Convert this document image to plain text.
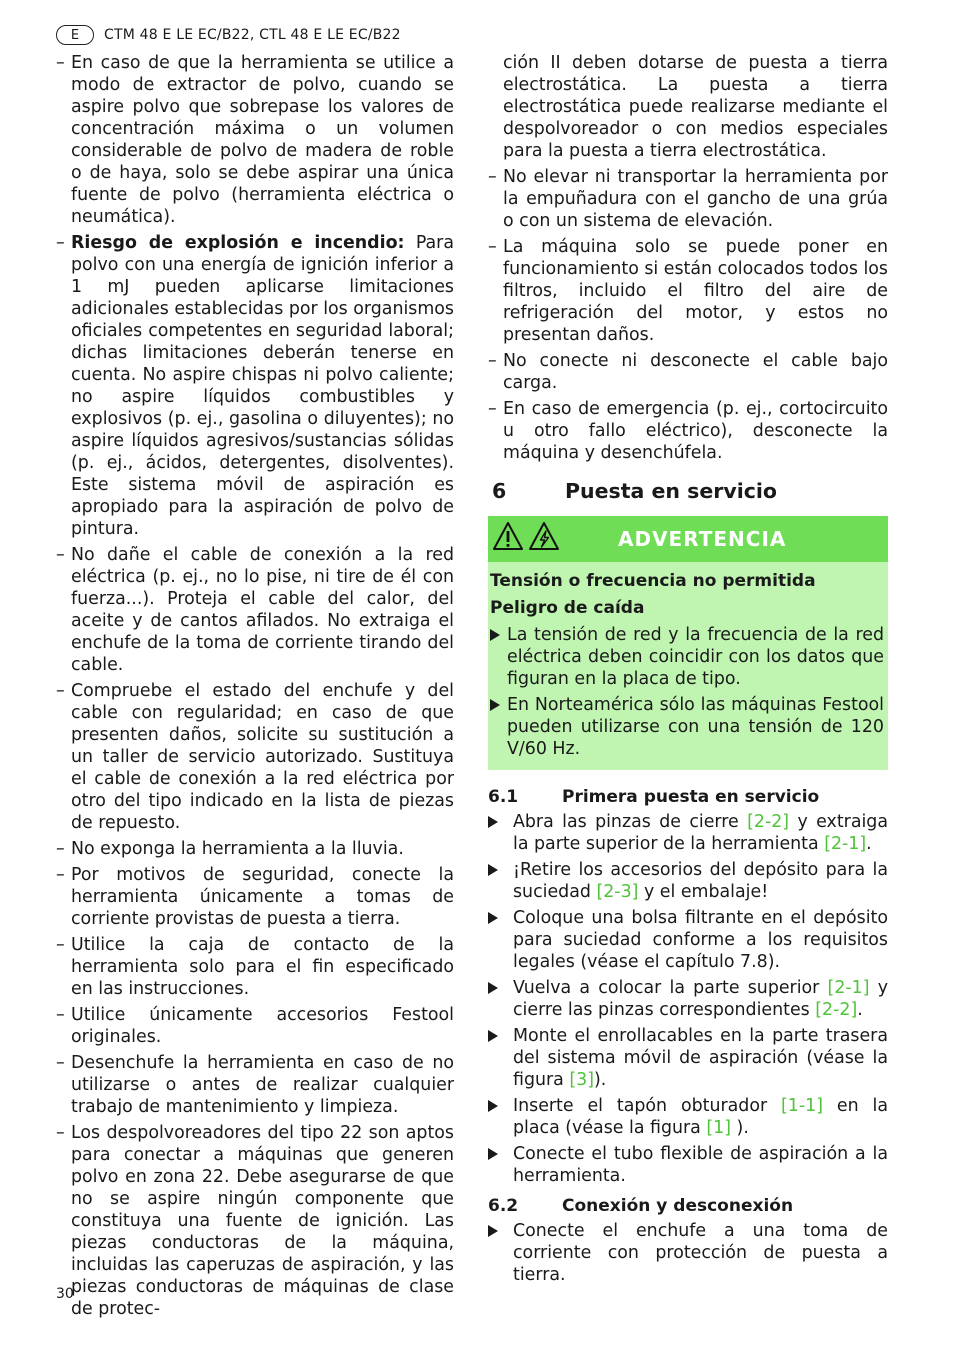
E	CTM 48 E LE EC/B22, CTL 48 E LE EC/B22
– En caso de que la herramienta se utilice a modo de extractor de polvo, cuando se aspire polvo que sobrepase los valores de concentración máxima o un volumen considerable de polvo de madera de roble o de haya, solo se debe aspirar una única fuente de polvo (herramienta eléctrica o neumática).
– Riesgo de explosión e incendio: Para polvo con una energía de ignición inferior a 1 mJ pueden aplicarse limitaciones adicionales establecidas por los organismos oficiales competentes en seguridad laboral; dichas limitaciones deberán tenerse en cuenta. No aspire chispas ni polvo caliente; no aspire líquidos combustibles y explosivos (p. ej., gasolina o diluyentes); no aspire líquidos agresivos/sustancias sólidas (p. ej., ácidos, detergentes, disolventes). Este sistema móvil de aspiración es apropiado para la aspiración de polvo de pintura.
– No dañe el cable de conexión a la red eléctrica (p. ej., no lo pise, ni tire de él con fuerza...). Proteja el cable del calor, del aceite y de cantos afilados. No extraiga el enchufe de la toma de corriente tirando del cable.
– Compruebe el estado del enchufe y del cable con regularidad; en caso de que presenten daños, solicite su sustitución a un taller de servicio autorizado. Sustituya el cable de conexión a la red eléctrica por otro del tipo indicado en la lista de piezas de repuesto.
– No exponga la herramienta a la lluvia.
– Por motivos de seguridad, conecte la herramienta únicamente a tomas de corriente provistas de puesta a tierra.
– Utilice la caja de contacto de la herramienta solo para el fin especificado en las instrucciones.
– Utilice únicamente accesorios Festool originales.
– Desenchufe la herramienta en caso de no utilizarse o antes de realizar cualquier trabajo de mantenimiento y limpieza.
– Los despolvoreadores del tipo 22 son aptos para conectar a máquinas que generen polvo en zona 22. Debe asegurarse de que no se aspire ningún componente que constituya una fuente de ignición. Las piezas conductoras de la máquina, incluidas las caperuzas de aspiración, y las piezas conductoras de máquinas de clase de protec-
ción II deben dotarse de puesta a tierra electrostática. La puesta a tierra electrostática puede realizarse mediante el despolvoreador o con medios especiales para la puesta a tierra electrostática.
– No elevar ni transportar la herramienta por la empuñadura con el gancho de una grúa o con un sistema de elevación.
– La máquina solo se puede poner en funcionamiento si están colocados todos los filtros, incluido el filtro del aire de refrigeración del motor, y estos no presentan daños.
– No conecte ni desconecte el cable bajo carga.
– En caso de emergencia (p. ej., cortocircuito u otro fallo eléctrico), desconecte la máquina y desenchúfela.
6	Puesta en servicio
ADVERTENCIA
Tensión o frecuencia no permitida
Peligro de caída
La tensión de red y la frecuencia de la red eléctrica deben coincidir con los datos que figuran en la placa de tipo.
En Norteamérica sólo las máquinas Festool pueden utilizarse con una tensión de 120 V/60 Hz.
6.1	Primera puesta en servicio
Abra las pinzas de cierre [2-2] y extraiga la parte superior de la herramienta [2-1].
¡Retire los accesorios del depósito para la suciedad [2-3] y el embalaje!
Coloque una bolsa filtrante en el depósito para suciedad conforme a los requisitos legales (véase el capítulo 7.8).
Vuelva a colocar la parte superior [2-1] y cierre las pinzas correspondientes [2-2].
Monte el enrollacables en la parte trasera del sistema móvil de aspiración (véase la figura [3]).
Inserte el tapón obturador [1-1] en la placa (véase la figura [1] ).
Conecte el tubo flexible de aspiración a la herramienta.
6.2	Conexión y desconexión
Conecte el enchufe a una toma de corriente con protección de puesta a tierra.
30
